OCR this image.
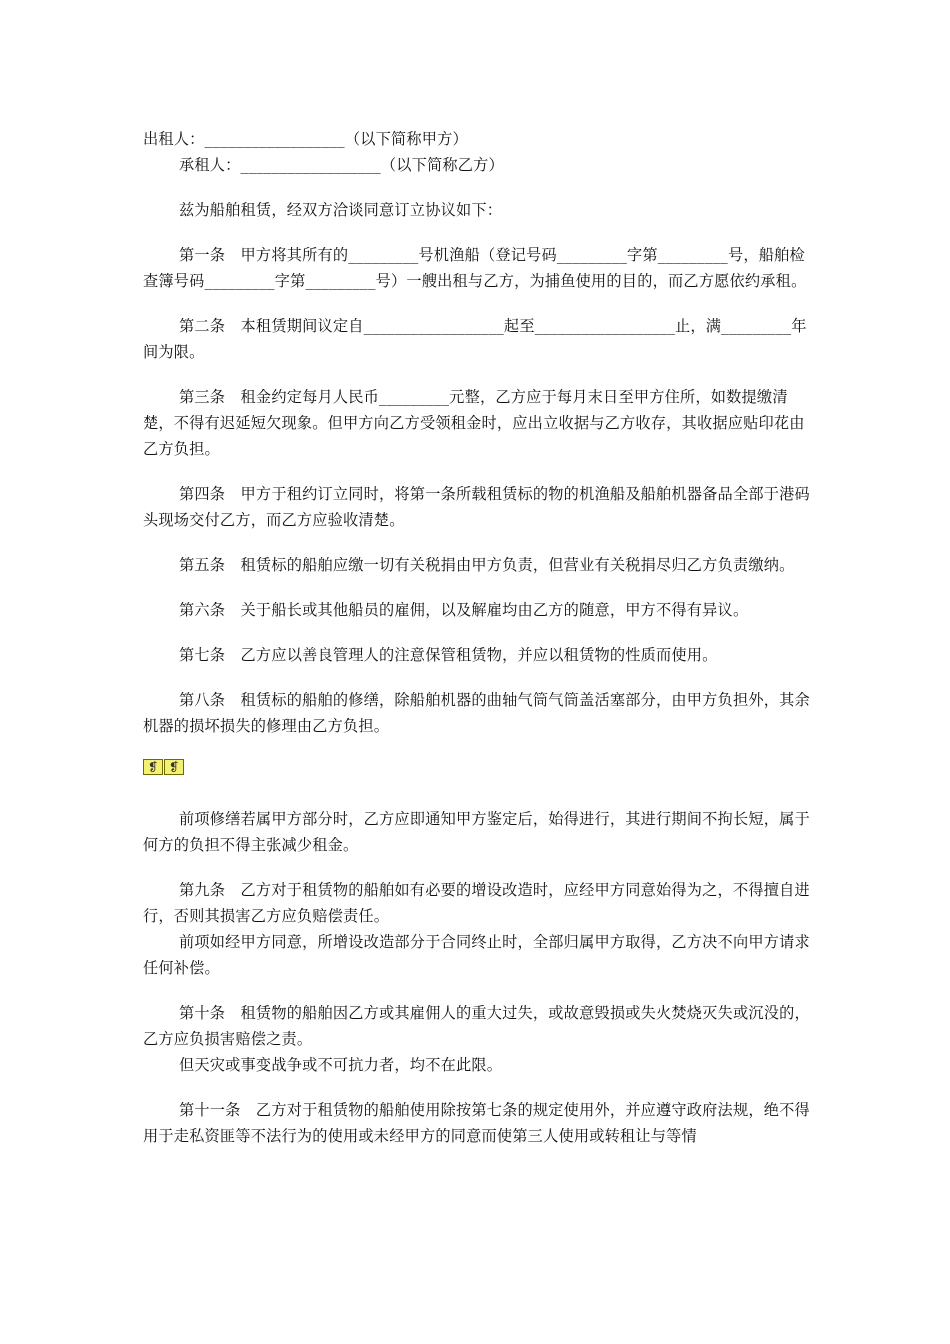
出租人：__________________（以下简称甲方）

承租人：__________________（以下简称乙方）

兹为船舶租赁，经双方洽谈同意订立协议如下：

第一条　甲方将其所有的_________号机渔船（登记号码_________字第_________号，船舶检查簿号码_________字第_________号）一艘出租与乙方，为捕鱼使用的目的，而乙方愿依约承租。

第二条　本租赁期间议定自__________________起至__________________止，满_________年间为限。

第三条　租金约定每月人民币_________元整，乙方应于每月末日至甲方住所，如数提缴清楚，不得有迟延短欠现象。但甲方向乙方受领租金时，应出立收据与乙方收存，其收据应贴印花由乙方负担。

第四条　甲方于租约订立同时，将第一条所载租赁标的物的机渔船及船舶机器备品全部于港码头现场交付乙方，而乙方应验收清楚。

第五条　租赁标的船舶应缴一切有关税捐由甲方负责，但营业有关税捐尽归乙方负责缴纳。

第六条　关于船长或其他船员的雇佣，以及解雇均由乙方的随意，甲方不得有异议。

第七条　乙方应以善良管理人的注意保管租赁物，并应以租赁物的性质而使用。

第八条　租赁标的船舶的修缮，除船舶机器的曲轴气筒气筒盖活塞部分，由甲方负担外，其余机器的损坏损失的修理由乙方负担。

❡ ❡

前项修缮若属甲方部分时，乙方应即通知甲方鉴定后，始得进行，其进行期间不拘长短，属于何方的负担不得主张减少租金。

第九条　乙方对于租赁物的船舶如有必要的增设改造时，应经甲方同意始得为之，不得擅自进行，否则其损害乙方应负赔偿责任。

前项如经甲方同意，所增设改造部分于合同终止时，全部归属甲方取得，乙方决不向甲方请求任何补偿。

第十条　租赁物的船舶因乙方或其雇佣人的重大过失，或故意毁损或失火焚烧灭失或沉没的，乙方应负损害赔偿之责。

但天灾或事变战争或不可抗力者，均不在此限。

第十一条　乙方对于租赁物的船舶使用除按第七条的规定使用外，并应遵守政府法规，绝不得用于走私资匪等不法行为的使用或未经甲方的同意而使第三人使用或转租让与等情
